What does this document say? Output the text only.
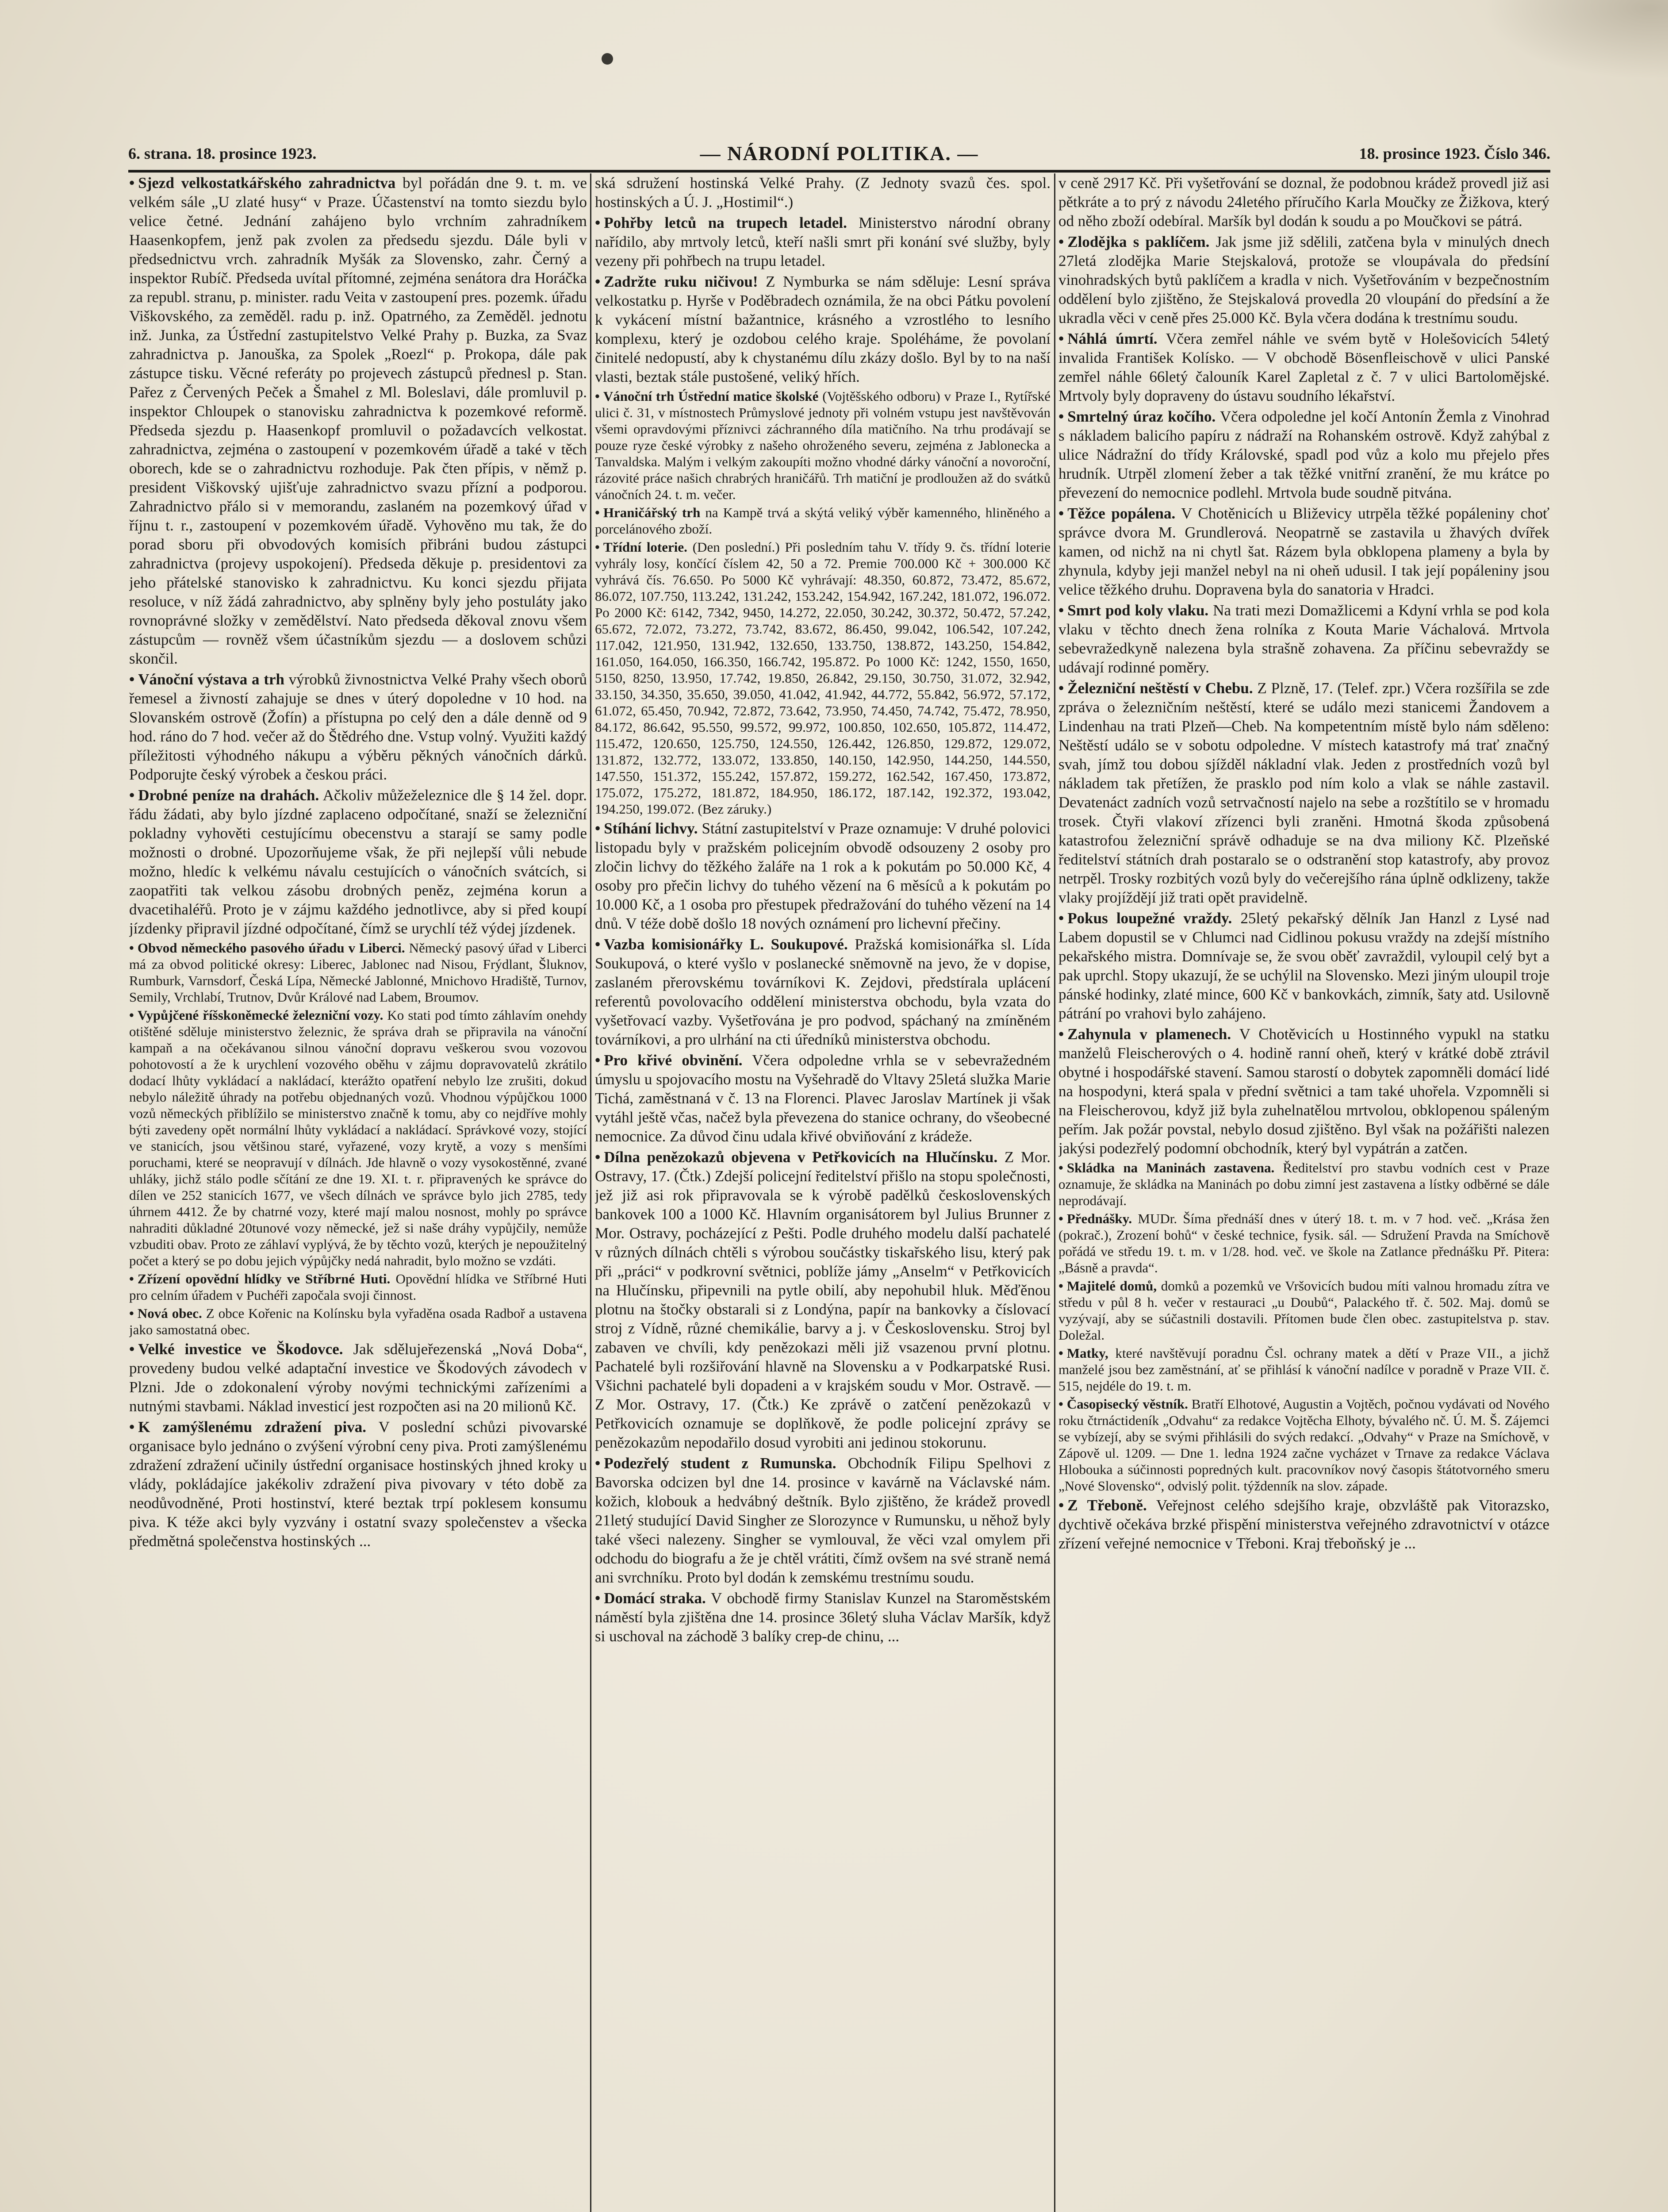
6. strana. 18. prosince 1923.	— NÁRODNÍ POLITIKA. —	18. prosince 1923. Číslo 346.

• Sjezd velkostatkářského zahradnictva byl pořádán dne 9. t. m. ve velkém sále „U zlaté husy“ v Praze. Účastenství na tomto siezdu bylo velice četné. Jednání zahájeno bylo vrchním zahradníkem Haasenkopfem, jenž pak zvolen za předsedu sjezdu. Dále byli v předsednictvu vrch. zahradník Myšák za Slovensko, zahr. Černý a inspektor Rubíč. Předseda uvítal přítomné, zejména senátora dra Horáčka za republ. stranu, p. minister. radu Veita v zastoupení pres. pozemk. úřadu Viškovského, za zeměděl. radu p. inž. Opatrného, za Zeměděl. jednotu inž. Junka, za Ústřední zastupitelstvo Velké Prahy p. Buzka, za Svaz zahradnictva p. Janouška, za Spolek „Roezl“ p. Prokopa, dále pak zástupce tisku. Věcné referáty po projevech zástupců přednesl p. Stan. Pařez z Červených Peček a Šmahel z Ml. Boleslavi, dále promluvil p. inspektor Chloupek o stanovisku zahradnictva k pozemkové reformě. Předseda sjezdu p. Haasenkopf promluvil o požadavcích velkostat. zahradnictva, zejména o zastoupení v pozemkovém úřadě a také v těch oborech, kde se o zahradnictvu rozhoduje. Pak čten přípis, v němž p. president Viškovský ujišťuje zahradnictvo svazu přízní a podporou. Zahradnictvo přálo si v memorandu, zaslaném na pozemkový úřad v říjnu t. r., zastoupení v pozemkovém úřadě. Vyhověno mu tak, že do porad sboru při obvodových komisích přibráni budou zástupci zahradnictva (projevy uspokojení). Předseda děkuje p. presidentovi za jeho přátelské stanovisko k zahradnictvu. Ku konci sjezdu přijata resoluce, v níž žádá zahradnictvo, aby splněny byly jeho postuláty jako rovnoprávné složky v zemědělství. Nato předseda děkoval znovu všem zástupcům — rovněž všem účastníkům sjezdu — a doslovem schůzi skončil.

• Vánoční výstava a trh výrobků živnostnictva Velké Prahy všech oborů řemesel a živností zahajuje se dnes v úterý dopoledne v 10 hod. na Slovanském ostrově (Žofín) a přístupna po celý den a dále denně od 9 hod. ráno do 7 hod. večer až do Štědrého dne. Vstup volný. Využiti každý příležitosti výhodného nákupu a výběru pěkných vánočních dárků. Podporujte český výrobek a českou práci.

• Drobné peníze na drahách. Ačkoliv můžeželeznice dle § 14 žel. dopr. řádu žádati, aby bylo jízdné zaplaceno odpočítané, snaží se železniční pokladny vyhověti cestujícímu obecenstvu a starají se samy podle možnosti o drobné. Upozorňujeme však, že při nejlepší vůli nebude možno, hledíc k velkému návalu cestujících o vánočních svátcích, si zaopatřiti tak velkou zásobu drobných peněz, zejména korun a dvacetihaléřů. Proto je v zájmu každého jednotlivce, aby si před koupí jízdenky připravil jízdné odpočítané, čímž se urychlí též výdej jízdenek.

• Obvod německého pasového úřadu v Liberci. Německý pasový úřad v Liberci má za obvod politické okresy: Liberec, Jablonec nad Nisou, Frýdlant, Šluknov, Rumburk, Varnsdorf, Česká Lípa, Německé Jablonné, Mnichovo Hradiště, Turnov, Semily, Vrchlabí, Trutnov, Dvůr Králové nad Labem, Broumov.

• Vypůjčené říšskoněmecké železniční vozy. Ko stati pod tímto záhlavím onehdy otištěné sděluje ministerstvo železnic, že správa drah se připravila na vánoční kampaň a na očekávanou silnou vánoční dopravu veškerou svou vozovou pohotovostí a že k urychlení vozového oběhu v zájmu dopravovatelů zkrátilo dodací lhůty vykládací a nakládací, kterážto opatření nebylo lze zrušiti, dokud nebylo náležitě úhrady na potřebu objednaných vozů. Vhodnou výpůjčkou 1000 vozů německých přiblížilo se ministerstvo značně k tomu, aby co nejdříve mohly býti zavedeny opět normální lhůty vykládací a nakládací. Správkové vozy, stojící ve stanicích, jsou většinou staré, vyřazené, vozy krytě, a vozy s menšími poruchami, které se neopravují v dílnách. Jde hlavně o vozy vysokostěnné, zvané uhláky, jichž stálo podle sčítání ze dne 19. XI. t. r. připravených ke správce do dílen ve 252 stanicích 1677, ve všech dílnách ve správce bylo jich 2785, tedy úhrnem 4412. Že by chatrné vozy, které mají malou nosnost, mohly po správce nahraditi důkladné 20tunové vozy německé, jež si naše dráhy vypůjčily, nemůže vzbuditi obav. Proto ze záhlaví vyplývá, že by těchto vozů, kterých je nepoužitelný počet a který se po dobu jejich výpůjčky nedá nahradit, bylo možno se vzdáti.

• Zřízení opovědní hlídky ve Stříbrné Huti. Opovědní hlídka ve Stříbrné Huti pro celním úřadem v Puchéři započala svoji činnost.

• Nová obec. Z obce Kořenic na Kolínsku byla vyřaděna osada Radboř a ustavena jako samostatná obec.

• Velké investice ve Škodovce. Jak sdělujeřezenská „Nová Doba“, provedeny budou velké adaptační investice ve Škodových závodech v Plzni. Jde o zdokonalení výroby novými technickými zařízeními a nutnými stavbami. Náklad investicí jest rozpočten asi na 20 milionů Kč.

• K zamýšlenému zdražení piva. V poslední schůzi pivovarské organisace bylo jednáno o zvýšení výrobní ceny piva. Proti zamýšlenému zdražení zdražení učinily ústřední organisace hostinských jhned kroky u vlády, pokládajíce jakékoliv zdražení piva pivovary v této době za neodůvodněné, Proti hostinství, které beztak trpí poklesem konsumu piva. K téže akci byly vyzvány i ostatní svazy společenstev a všecka předmětná společenstva hostinských ...

ská sdružení hostinská Velké Prahy. (Z Jednoty svazů čes. spol. hostinských a Ú. J. „Hostimil“.)

• Pohřby letců na trupech letadel. Ministerstvo národní obrany nařídilo, aby mrtvoly letců, kteří našli smrt při konání své služby, byly vezeny při pohřbech na trupu letadel.

• Zadržte ruku ničivou! Z Nymburka se nám sděluje: Lesní správa velkostatku p. Hyrše v Poděbradech oznámila, že na obci Pátku povolení k vykácení místní bažantnice, krásného a vzrostlého to lesního komplexu, který je ozdobou celého kraje. Spoléháme, že povolaní činitelé nedopustí, aby k chystanému dílu zkázy došlo. Byl by to na naší vlasti, beztak stále pustošené, veliký hřích.

• Vánoční trh Ústřední matice školské (Vojtěšského odboru) v Praze I., Rytířské ulici č. 31, v místnostech Průmyslové jednoty při volném vstupu jest navštěvován všemi opravdovými příznivci záchranného díla matičního. Na trhu prodávají se pouze ryze české výrobky z našeho ohroženého severu, zejména z Jablonecka a Tanvaldska. Malým i velkým zakoupíti možno vhodné dárky vánoční a novoroční, rázovité práce našich chrabrých hraničářů. Trh matiční je prodloužen až do svátků vánočních 24. t. m. večer.

• Hraničářský trh na Kampě trvá a skýtá veliký výběr kamenného, hliněného a porcelánového zboží.

• Třídní loterie. (Den poslední.) Při posledním tahu V. třídy 9. čs. třídní loterie vyhrály losy, končící číslem 42, 50 a 72. Premie 700.000 Kč + 300.000 Kč vyhrává čís. 76.650. Po 5000 Kč vyhrávají: 48.350, 60.872, 73.472, 85.672, 86.072, 107.750, 113.242, 131.242, 153.242, 154.942, 167.242, 181.072, 196.072. Po 2000 Kč: 6142, 7342, 9450, 14.272, 22.050, 30.242, 30.372, 50.472, 57.242, 65.672, 72.072, 73.272, 73.742, 83.672, 86.450, 99.042, 106.542, 107.242, 117.042, 121.950, 131.942, 132.650, 133.750, 138.872, 143.250, 154.842, 161.050, 164.050, 166.350, 166.742, 195.872. Po 1000 Kč: 1242, 1550, 1650, 5150, 8250, 13.950, 17.742, 19.850, 26.842, 29.150, 30.750, 31.072, 32.942, 33.150, 34.350, 35.650, 39.050, 41.042, 41.942, 44.772, 55.842, 56.972, 57.172, 61.072, 65.450, 70.942, 72.872, 73.642, 73.950, 74.450, 74.742, 75.472, 78.950, 84.172, 86.642, 95.550, 99.572, 99.972, 100.850, 102.650, 105.872, 114.472, 115.472, 120.650, 125.750, 124.550, 126.442, 126.850, 129.872, 129.072, 131.872, 132.772, 133.072, 133.850, 140.150, 142.950, 144.250, 144.550, 147.550, 151.372, 155.242, 157.872, 159.272, 162.542, 167.450, 173.872, 175.072, 175.272, 181.872, 184.950, 186.172, 187.142, 192.372, 193.042, 194.250, 199.072. (Bez záruky.)

• Stíhání lichvy. Státní zastupitelství v Praze oznamuje: V druhé polovici listopadu byly v pražském policejním obvodě odsouzeny 2 osoby pro zločin lichvy do těžkého žaláře na 1 rok a k pokutám po 50.000 Kč, 4 osoby pro přečin lichvy do tuhého vězení na 6 měsíců a k pokutám po 10.000 Kč, a 1 osoba pro přestupek předražování do tuhého vězení na 14 dnů. V téže době došlo 18 nových oznámení pro lichevní přečiny.

• Vazba komisionářky L. Soukupové. Pražská komisionářka sl. Lída Soukupová, o které vyšlo v poslanecké sněmovně na jevo, že v dopise, zaslaném přerovskému továrníkovi K. Zejdovi, předstírala uplácení referentů povolovacího oddělení ministerstva obchodu, byla vzata do vyšetřovací vazby. Vyšetřována je pro podvod, spáchaný na zmíněném továrníkovi, a pro ulrhání na cti úředníků ministerstva obchodu.

• Pro křivé obvinění. Včera odpoledne vrhla se v sebevražedném úmyslu u spojovacího mostu na Vyšehradě do Vltavy 25letá služka Marie Tichá, zaměstnaná v č. 13 na Florenci. Plavec Jaroslav Martínek ji však vytáhl ještě včas, načež byla převezena do stanice ochrany, do všeobecné nemocnice. Za důvod činu udala křivé obviňování z krádeže.

• Dílna penězokazů objevena v Petřkovicích na Hlučínsku. Z Mor. Ostravy, 17. (Čtk.) Zdejší policejní ředitelství přišlo na stopu společnosti, jež již asi rok připravovala se k výrobě padělků československých bankovek 100 a 1000 Kč. Hlavním organisátorem byl Julius Brunner z Mor. Ostravy, pocházející z Pešti. Podle druhého modelu další pachatelé v různých dílnách chtěli s výrobou součástky tiskařského lisu, který pak při „práci“ v podkrovní světnici, poblíže jámy „Anselm“ v Petřkovicích na Hlučínsku, připevnili na pytle obilí, aby nepohubil hluk. Měďěnou plotnu na štočky obstarali si z Londýna, papír na bankovky a číslovací stroj z Vídně, různé chemikálie, barvy a j. v Československu. Stroj byl zabaven ve chvíli, kdy penězokazi měli již vsazenou první plotnu. Pachatelé byli rozšiřování hlavně na Slovensku a v Podkarpatské Rusi. Všichni pachatelé byli dopadeni a v krajském soudu v Mor. Ostravě. — Z Mor. Ostravy, 17. (Čtk.) Ke zprávě o zatčení penězokazů v Petřkovicích oznamuje se doplňkově, že podle policejní zprávy se penězokazům nepodařilo dosud vyrobiti ani jedinou stokorunu.

• Podezřelý student z Rumunska. Obchodník Filipu Spelhovi z Bavorska odcizen byl dne 14. prosince v kavárně na Václavské nám. kožich, klobouk a hedvábný deštník. Bylo zjištěno, že krádež provedl 21letý studující David Singher ze Slorozynce v Rumunsku, u něhož byly také všeci nalezeny. Singher se vymlouval, že věci vzal omylem při odchodu do biografu a že je chtěl vrátiti, čímž ovšem na své straně nemá ani svrchníku. Proto byl dodán k zemskému trestnímu soudu.

• Domácí straka. V obchodě firmy Stanislav Kunzel na Staroměstském náměstí byla zjištěna dne 14. prosince 36letý sluha Václav Maršík, když si uschoval na záchodě 3 balíky crep-de chinu, ...

v ceně 2917 Kč. Při vyšetřování se doznal, že podobnou krádež provedl již asi pětkráte a to prý z návodu 24letého příručího Karla Moučky ze Žižkova, který od něho zboží odebíral. Maršík byl dodán k soudu a po Moučkovi se pátrá.

• Zlodějka s paklíčem. Jak jsme již sdělili, zatčena byla v minulých dnech 27letá zlodějka Marie Stejskalová, protože se vloupávala do předsíní vinohradských bytů paklíčem a kradla v nich. Vyšetřováním v bezpečnostním oddělení bylo zjištěno, že Stejskalová provedla 20 vloupání do předsíní a že ukradla věci v ceně přes 25.000 Kč. Byla včera dodána k trestnímu soudu.

• Náhlá úmrtí. Včera zemřel náhle ve svém bytě v Holešovicích 54letý invalida František Kolísko. — V obchodě Bösenfleischově v ulici Panské zemřel náhle 66letý čalouník Karel Zapletal z č. 7 v ulici Bartolomějské. Mrtvoly byly dopraveny do ústavu soudního lékařství.

• Smrtelný úraz kočího. Včera odpoledne jel kočí Antonín Žemla z Vinohrad s nákladem balicího papíru z nádraží na Rohanském ostrově. Když zahýbal z ulice Nádražní do třídy Královské, spadl pod vůz a kolo mu přejelo přes hrudník. Utrpěl zlomení žeber a tak těžké vnitřní zranění, že mu krátce po převezení do nemocnice podlehl. Mrtvola bude soudně pitvána.

• Těžce popálena. V Chotěnicích u Bliževicy utrpěla těžké popáleniny choť správce dvora M. Grundlerová. Neopatrně se zastavila u žhavých dvířek kamen, od nichž na ni chytl šat. Rázem byla obklopena plameny a byla by zhynula, kdyby jeji manžel nebyl na ni oheň udusil. I tak její popáleniny jsou velice těžkého druhu. Dopravena byla do sanatoria v Hradci.

• Smrt pod koly vlaku. Na trati mezi Domažlicemi a Kdyní vrhla se pod kola vlaku v těchto dnech žena rolníka z Kouta Marie Váchalová. Mrtvola sebevražedkyně nalezena byla strašně zohavena. Za příčinu sebevraždy se udávají rodinné poměry.

• Železniční neštěstí v Chebu. Z Plzně, 17. (Telef. zpr.) Včera rozšířila se zde zpráva o železničním neštěstí, které se událo mezi stanicemi Žandovem a Lindenhau na trati Plzeň—Cheb. Na kompetentním místě bylo nám sděleno: Neštěstí událo se v sobotu odpoledne. V místech katastrofy má trať značný svah, jímž tou dobou sjížděl nákladní vlak. Jeden z prostředních vozů byl nákladem tak přetížen, že prasklo pod ním kolo a vlak se náhle zastavil. Devatenáct zadních vozů setrvačností najelo na sebe a rozštítilo se v hromadu trosek. Čtyři vlakoví zřízenci byli zraněni. Hmotná škoda způsobená katastrofou železniční správě odhaduje se na dva miliony Kč. Plzeňské ředitelství státních drah postaralo se o odstranění stop katastrofy, aby provoz netrpěl. Trosky rozbitých vozů byly do večerejšího rána úplně odklizeny, takže vlaky projíždějí již trati opět pravidelně.

• Pokus loupežné vraždy. 25letý pekařský dělník Jan Hanzl z Lysé nad Labem dopustil se v Chlumci nad Cidlinou pokusu vraždy na zdejší místního pekařského mistra. Domnívaje se, že svou oběť zavraždil, vyloupil celý byt a pak uprchl. Stopy ukazují, že se uchýlil na Slovensko. Mezi jiným uloupil troje pánské hodinky, zlaté mince, 600 Kč v bankovkách, zimník, šaty atd. Usilovně pátrání po vrahovi bylo zahájeno.

• Zahynula v plamenech. V Chotěvicích u Hostinného vypukl na statku manželů Fleischerových o 4. hodině ranní oheň, který v krátké době ztrávil obytné i hospodářské stavení. Samou starostí o dobytek zapomněli domácí lidé na hospodyni, která spala v přední světnici a tam také uhořela. Vzpomněli si na Fleischerovou, když již byla zuhelnatělou mrtvolou, obklopenou spáleným peřím. Jak požár povstal, nebylo dosud zjištěno. Byl však na požářišti nalezen jakýsi podezřelý podomní obchodník, který byl vypátrán a zatčen.

• Skládka na Maninách zastavena. Ředitelství pro stavbu vodních cest v Praze oznamuje, že skládka na Maninách po dobu zimní jest zastavena a lístky odběrné se dále neprodávají.

• Přednášky. MUDr. Šíma přednáší dnes v úterý 18. t. m. v 7 hod. več. „Krása žen (pokrač.), Zrození bohů“ v české technice, fysik. sál. — Sdružení Pravda na Smíchově pořádá ve středu 19. t. m. v 1/28. hod. več. ve škole na Zatlance přednášku Př. Pitera: „Básně a pravda“.

• Majitelé domů, domků a pozemků ve Vršovicích budou míti valnou hromadu zítra ve středu v půl 8 h. večer v restauraci „u Doubů“, Palackého tř. č. 502. Maj. domů se vyzývají, aby se súčastnili dostavili. Přítomen bude člen obec. zastupitelstva p. stav. Doležal.

• Matky, které navštěvují poradnu Čsl. ochrany matek a dětí v Praze VII., a jichž manželé jsou bez zaměstnání, ať se přihlásí k vánoční nadílce v poradně v Praze VII. č. 515, nejdéle do 19. t. m.

• Časopisecký věstník. Bratří Elhotové, Augustin a Vojtěch, počnou vydávati od Nového roku čtrnáctideník „Odvahu“ za redakce Vojtěcha Elhoty, bývalého nč. Ú. M. Š. Zájemci se vybízejí, aby se svými přihlásili do svých redakcí. „Odvahy“ v Praze na Smíchově, v Zápově ul. 1209. — Dne 1. ledna 1924 začne vycházet v Trnave za redakce Václava Hlobouka a súčinnosti popredných kult. pracovníkov nový časopis štátotvorného smeru „Nové Slovensko“, odvislý polit. týždenník na slov. západe.

• Z Třeboně. Veřejnost celého sdejšího kraje, obzvláště pak Vitorazsko, dychtivě očekáva brzké přispění ministerstva veřejného zdravotnictví v otázce zřízení veřejné nemocnice v Třeboni. Kraj třeboňský je ...
